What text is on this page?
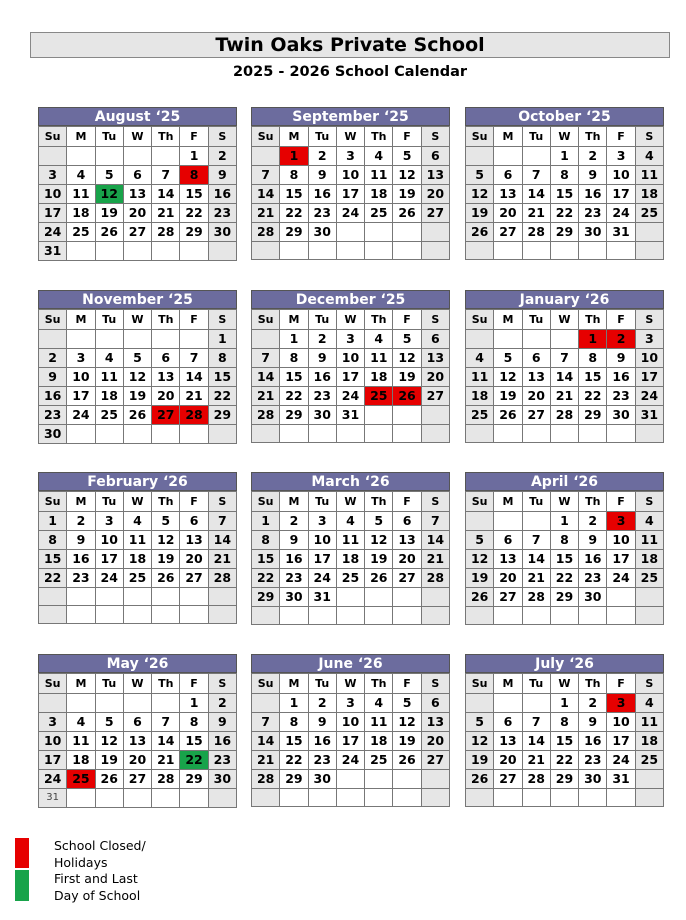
Twin Oaks Private School
2025 - 2026 School Calendar
August ‘25
Su	M	Tu	W	Th	F	S
					1	2
3	4	5	6	7	8	9
10	11	12	13	14	15	16
17	18	19	20	21	22	23
24	25	26	27	28	29	30
31						
September ‘25
Su	M	Tu	W	Th	F	S
	1	2	3	4	5	6
7	8	9	10	11	12	13
14	15	16	17	18	19	20
21	22	23	24	25	26	27
28	29	30				

October ‘25
Su	M	Tu	W	Th	F	S
			1	2	3	4
5	6	7	8	9	10	11
12	13	14	15	16	17	18
19	20	21	22	23	24	25
26	27	28	29	30	31	

November ‘25
Su	M	Tu	W	Th	F	S
						1
2	3	4	5	6	7	8
9	10	11	12	13	14	15
16	17	18	19	20	21	22
23	24	25	26	27	28	29
30						
December ‘25
Su	M	Tu	W	Th	F	S
	1	2	3	4	5	6
7	8	9	10	11	12	13
14	15	16	17	18	19	20
21	22	23	24	25	26	27
28	29	30	31			

January ‘26
Su	M	Tu	W	Th	F	S
				1	2	3
4	5	6	7	8	9	10
11	12	13	14	15	16	17
18	19	20	21	22	23	24
25	26	27	28	29	30	31

February ‘26
Su	M	Tu	W	Th	F	S
1	2	3	4	5	6	7
8	9	10	11	12	13	14
15	16	17	18	19	20	21
22	23	24	25	26	27	28

March ‘26
Su	M	Tu	W	Th	F	S
1	2	3	4	5	6	7
8	9	10	11	12	13	14
15	16	17	18	19	20	21
22	23	24	25	26	27	28
29	30	31				

April ‘26
Su	M	Tu	W	Th	F	S
			1	2	3	4
5	6	7	8	9	10	11
12	13	14	15	16	17	18
19	20	21	22	23	24	25
26	27	28	29	30		

May ‘26
Su	M	Tu	W	Th	F	S
					1	2
3	4	5	6	7	8	9
10	11	12	13	14	15	16
17	18	19	20	21	22	23
24	25	26	27	28	29	30
31						
June ‘26
Su	M	Tu	W	Th	F	S
	1	2	3	4	5	6
7	8	9	10	11	12	13
14	15	16	17	18	19	20
21	22	23	24	25	26	27
28	29	30				

July ‘26
Su	M	Tu	W	Th	F	S
			1	2	3	4
5	6	7	8	9	10	11
12	13	14	15	16	17	18
19	20	21	22	23	24	25
26	27	28	29	30	31	

School Closed/
Holidays
First and Last
Day of School
